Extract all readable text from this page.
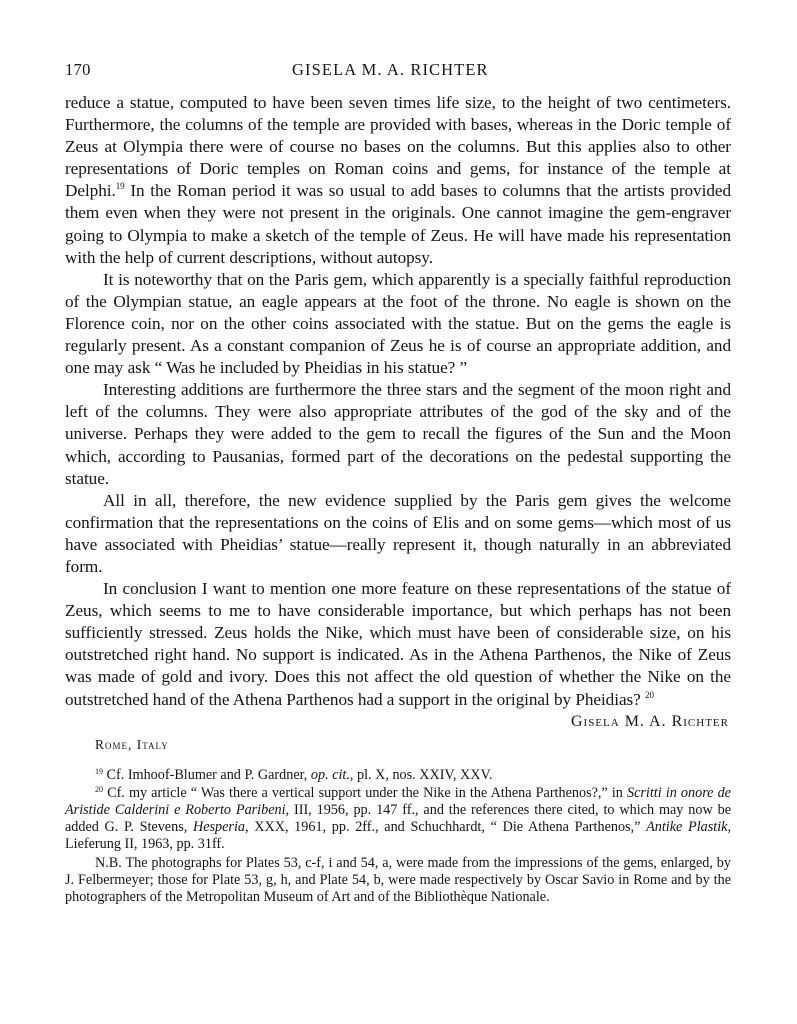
170	GISELA M. A. RICHTER

reduce a statue, computed to have been seven times life size, to the height of two centimeters. Furthermore, the columns of the temple are provided with bases, whereas in the Doric temple of Zeus at Olympia there were of course no bases on the columns. But this applies also to other representations of Doric temples on Roman coins and gems, for instance of the temple at Delphi.$^{19}$ In the Roman period it was so usual to add bases to columns that the artists provided them even when they were not present in the originals. One cannot imagine the gem-engraver going to Olympia to make a sketch of the temple of Zeus. He will have made his representation with the help of current descriptions, without autopsy.

It is noteworthy that on the Paris gem, which apparently is a specially faithful reproduction of the Olympian statue, an eagle appears at the foot of the throne. No eagle is shown on the Florence coin, nor on the other coins associated with the statue. But on the gems the eagle is regularly present. As a constant companion of Zeus he is of course an appropriate addition, and one may ask “ Was he included by Pheidias in his statue? ”

Interesting additions are furthermore the three stars and the segment of the moon right and left of the columns. They were also appropriate attributes of the god of the sky and of the universe. Perhaps they were added to the gem to recall the figures of the Sun and the Moon which, according to Pausanias, formed part of the decorations on the pedestal supporting the statue.

All in all, therefore, the new evidence supplied by the Paris gem gives the welcome confirmation that the representations on the coins of Elis and on some gems—which most of us have associated with Pheidias’ statue—really represent it, though naturally in an abbreviated form.

In conclusion I want to mention one more feature on these representations of the statue of Zeus, which seems to me to have considerable importance, but which perhaps has not been sufficiently stressed. Zeus holds the Nike, which must have been of considerable size, on his outstretched right hand. No support is indicated. As in the Athena Parthenos, the Nike of Zeus was made of gold and ivory. Does this not affect the old question of whether the Nike on the outstretched hand of the Athena Parthenos had a support in the original by Pheidias? $^{20}$

Gisela M. A. Richter
Rome, Italy

$^{19}$ Cf. Imhoof-Blumer and P. Gardner, op. cit., pl. X, nos. XXIV, XXV.

$^{20}$ Cf. my article “ Was there a vertical support under the Nike in the Athena Parthenos?,” in Scritti in onore de Aristide Calderini e Roberto Paribeni, III, 1956, pp. 147 ff., and the references there cited, to which may now be added G. P. Stevens, Hesperia, XXX, 1961, pp. 2ff., and Schuchhardt, “ Die Athena Parthenos,” Antike Plastik, Lieferung II, 1963, pp. 31ff.

N.B. The photographs for Plates 53, c-f, i and 54, a, were made from the impressions of the gems, enlarged, by J. Felbermeyer; those for Plate 53, g, h, and Plate 54, b, were made respectively by Oscar Savio in Rome and by the photographers of the Metropolitan Museum of Art and of the Bibliothèque Nationale.
